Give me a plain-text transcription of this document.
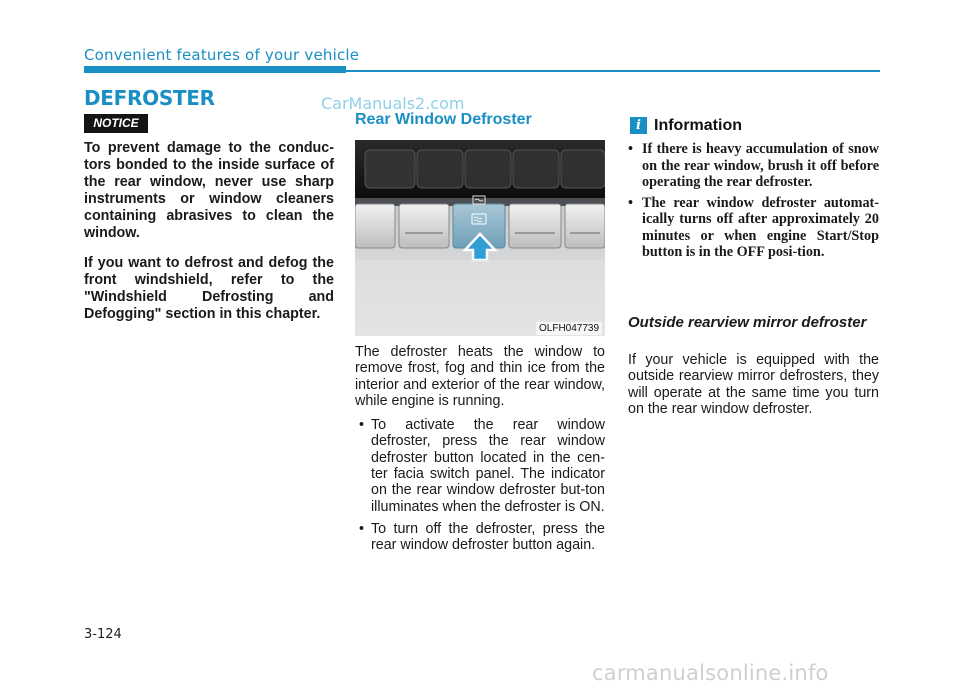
Convenient features of your vehicle
DEFROSTER	CarManuals2.com
NOTICE

To prevent damage to the conduc-tors bonded to the inside surface of the rear window, never use sharp instruments or window cleaners containing abrasives to clean the window.

If you want to defrost and defog the front windshield, refer to the "Windshield Defrosting and Defogging" section in this chapter.

Rear Window Defroster
OLFH047739

The defroster heats the window to remove frost, fog and thin ice from the interior and exterior of the rear window, while engine is running.

• To activate the rear window defroster, press the rear window defroster button located in the cen-ter facia switch panel. The indicator on the rear window defroster but-ton illuminates when the defroster is ON.
• To turn off the defroster, press the rear window defroster button again.
i Information
• If there is heavy accumulation of snow on the rear window, brush it off before operating the rear defroster.
• The rear window defroster automat-ically turns off after approximately 20 minutes or when engine Start/Stop button is in the OFF posi-tion.
Outside rearview mirror defroster
If your vehicle is equipped with the outside rearview mirror defrosters, they will operate at the same time you turn on the rear window defroster.
3-124
carmanualsonline.info
